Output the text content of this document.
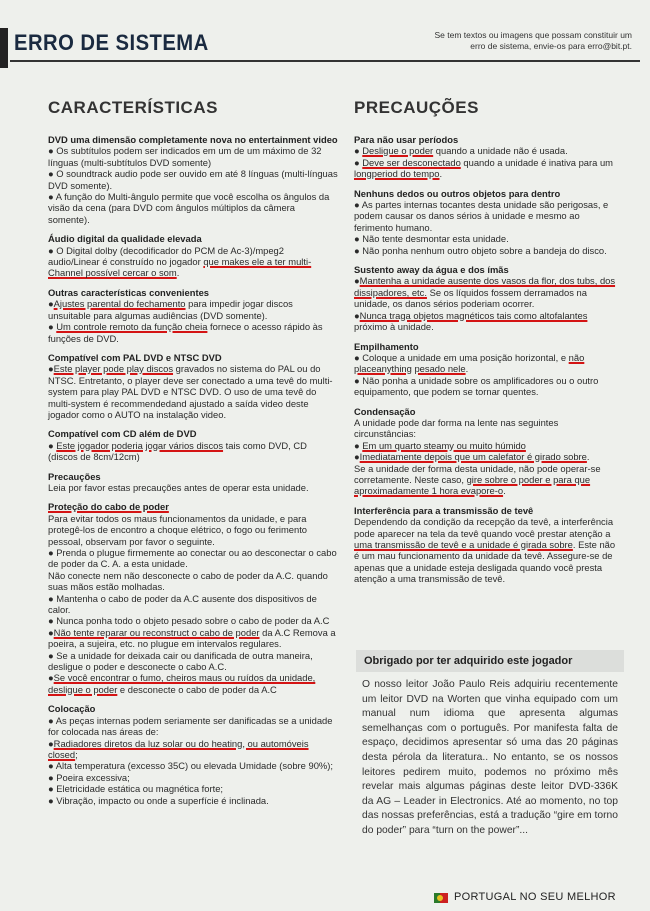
ERRO DE SISTEMA	Se tem textos ou imagens que possam constituir um erro de sistema, envie-os para erro@bit.pt.
CARACTERÍSTICAS
DVD uma dimensão completamente nova no entertainment video
● Os subtítulos podem ser indicados em um de um máximo de 32 línguas (multi-subtítulos DVD somente)
● O soundtrack audio pode ser ouvido em até 8 línguas (multi-línguas DVD somente).
● A função do Multi-ângulo permite que você escolha os ângulos da visão da cena (para DVD com ângulos múltiplos da câmera somente).
Áudio digital da qualidade elevada
● O Digital dolby (decodificador do PCM de Ac-3)/mpeg2 audio/Linear é construído no jogador que makes ele a ter multi-Channel possível cercar o som.
Outras características convenientes
●Ajustes parental do fechamento para impedir jogar discos unsuitable para algumas audiências (DVD somente).
● Um controle remoto da função cheia fornece o acesso rápido às funções de DVD.
Compatível com PAL DVD e NTSC DVD
●Este player pode play discos gravados no sistema do PAL ou do NTSC. Entretanto, o player deve ser conectado a uma tevê do multi-system para play PAL DVD e NTSC DVD. O uso de uma tevê do multi-system é recommendedand ajustado a saída video deste jogador como o AUTO na instalação video.
Compatível com CD além de DVD
● Este jogador poderia jogar vários discos tais como DVD, CD (discos de 8cm/12cm)
Precauções
Leia por favor estas precauções antes de operar esta unidade.
Proteção do cabo de poder
Para evitar todos os maus funcionamentos da unidade, e para protegê-los de encontro a choque elétrico, o fogo ou ferimento pessoal, observam por favor o seguinte.
● Prenda o plugue firmemente ao conectar ou ao desconectar o cabo de poder da C. A. a esta unidade.
Não conecte nem não desconecte o cabo de poder da A.C. quando suas mãos estão molhadas.
● Mantenha o cabo de poder da A.C ausente dos dispositivos de calor.
● Nunca ponha todo o objeto pesado sobre o cabo de poder da A.C
●Não tente reparar ou reconstruct o cabo de poder da A.C Remova a poeira, a sujeira, etc. no plugue em intervalos regulares.
● Se a unidade for deixada cair ou danificada de outra maneira, desligue o poder e desconecte o cabo A.C.
●Se você encontrar o fumo, cheiros maus ou ruídos da unidade, desligue o poder e desconecte o cabo de poder da A.C
Colocação
● As peças internas podem seriamente ser danificadas se a unidade for colocada nas áreas de:
●Radiadores diretos da luz solar ou do heating, ou automóveis closed;
● Alta temperatura (excesso 35C) ou elevada Umidade (sobre 90%);
● Poeira excessiva;
● Eletricidade estática ou magnética forte;
● Vibração, impacto ou onde a superfície é inclinada.
PRECAUÇÕES
Para não usar períodos
● Desligue o poder quando a unidade não é usada.
● Deve ser desconectado quando a unidade é inativa para um longperiod do tempo.
Nenhuns dedos ou outros objetos para dentro
● As partes internas tocantes desta unidade são perigosas, e podem causar os danos sérios à unidade e mesmo ao ferimento humano.
● Não tente desmontar esta unidade.
● Não ponha nenhum outro objeto sobre a bandeja do disco.
Sustento away da água e dos ímãs
●Mantenha a unidade ausente dos vasos da flor, dos tubs, dos dissipadores, etc. Se os líquidos fossem derramados na unidade, os danos sérios poderiam ocorrer.
●Nunca traga objetos magnéticos tais como altofalantes próximo à unidade.
Empilhamento
● Coloque a unidade em uma posição horizontal, e não placeanything pesado nele.
● Não ponha a unidade sobre os amplificadores ou o outro equipamento, que podem se tornar quentes.
Condensação
A unidade pode dar forma na lente nas seguintes circunstâncias:
● Em um quarto steamy ou muito húmido
●Imediatamente depois que um calefator é girado sobre.
Se a unidade der forma desta unidade, não pode operar-se corretamente. Neste caso, gire sobre o poder e para que aproximadamente 1 hora evapore-o.
Interferência para a transmissão de tevê
Dependendo da condição da recepção da tevê, a interferência pode aparecer na tela da tevê quando você prestar atenção a uma transmissão de tevê e a unidade é girada sobre. Este não é um mau funcionamento da unidade da tevê. Assegure-se de apenas que a unidade esteja desligada quando você presta atenção a uma transmissão de tevê.
Obrigado por ter adquirido este jogador
O nosso leitor João Paulo Reis adquiriu recentemente um leitor DVD na Worten que vinha equipado com um manual num idioma que apresenta algumas semelhanças com o português. Por manifesta falta de espaço, decidimos apresentar só uma das 20 páginas desta pérola da literatura.. No entanto, se os nossos leitores pedirem muito, podemos no próximo mês revelar mais algumas páginas deste leitor DVD-336K da AG – Leader in Electronics. Até ao momento, no top das nossas preferências, está a tradução “gire em torno do poder” para “turn on the power”...
PORTUGAL NO SEU MELHOR
